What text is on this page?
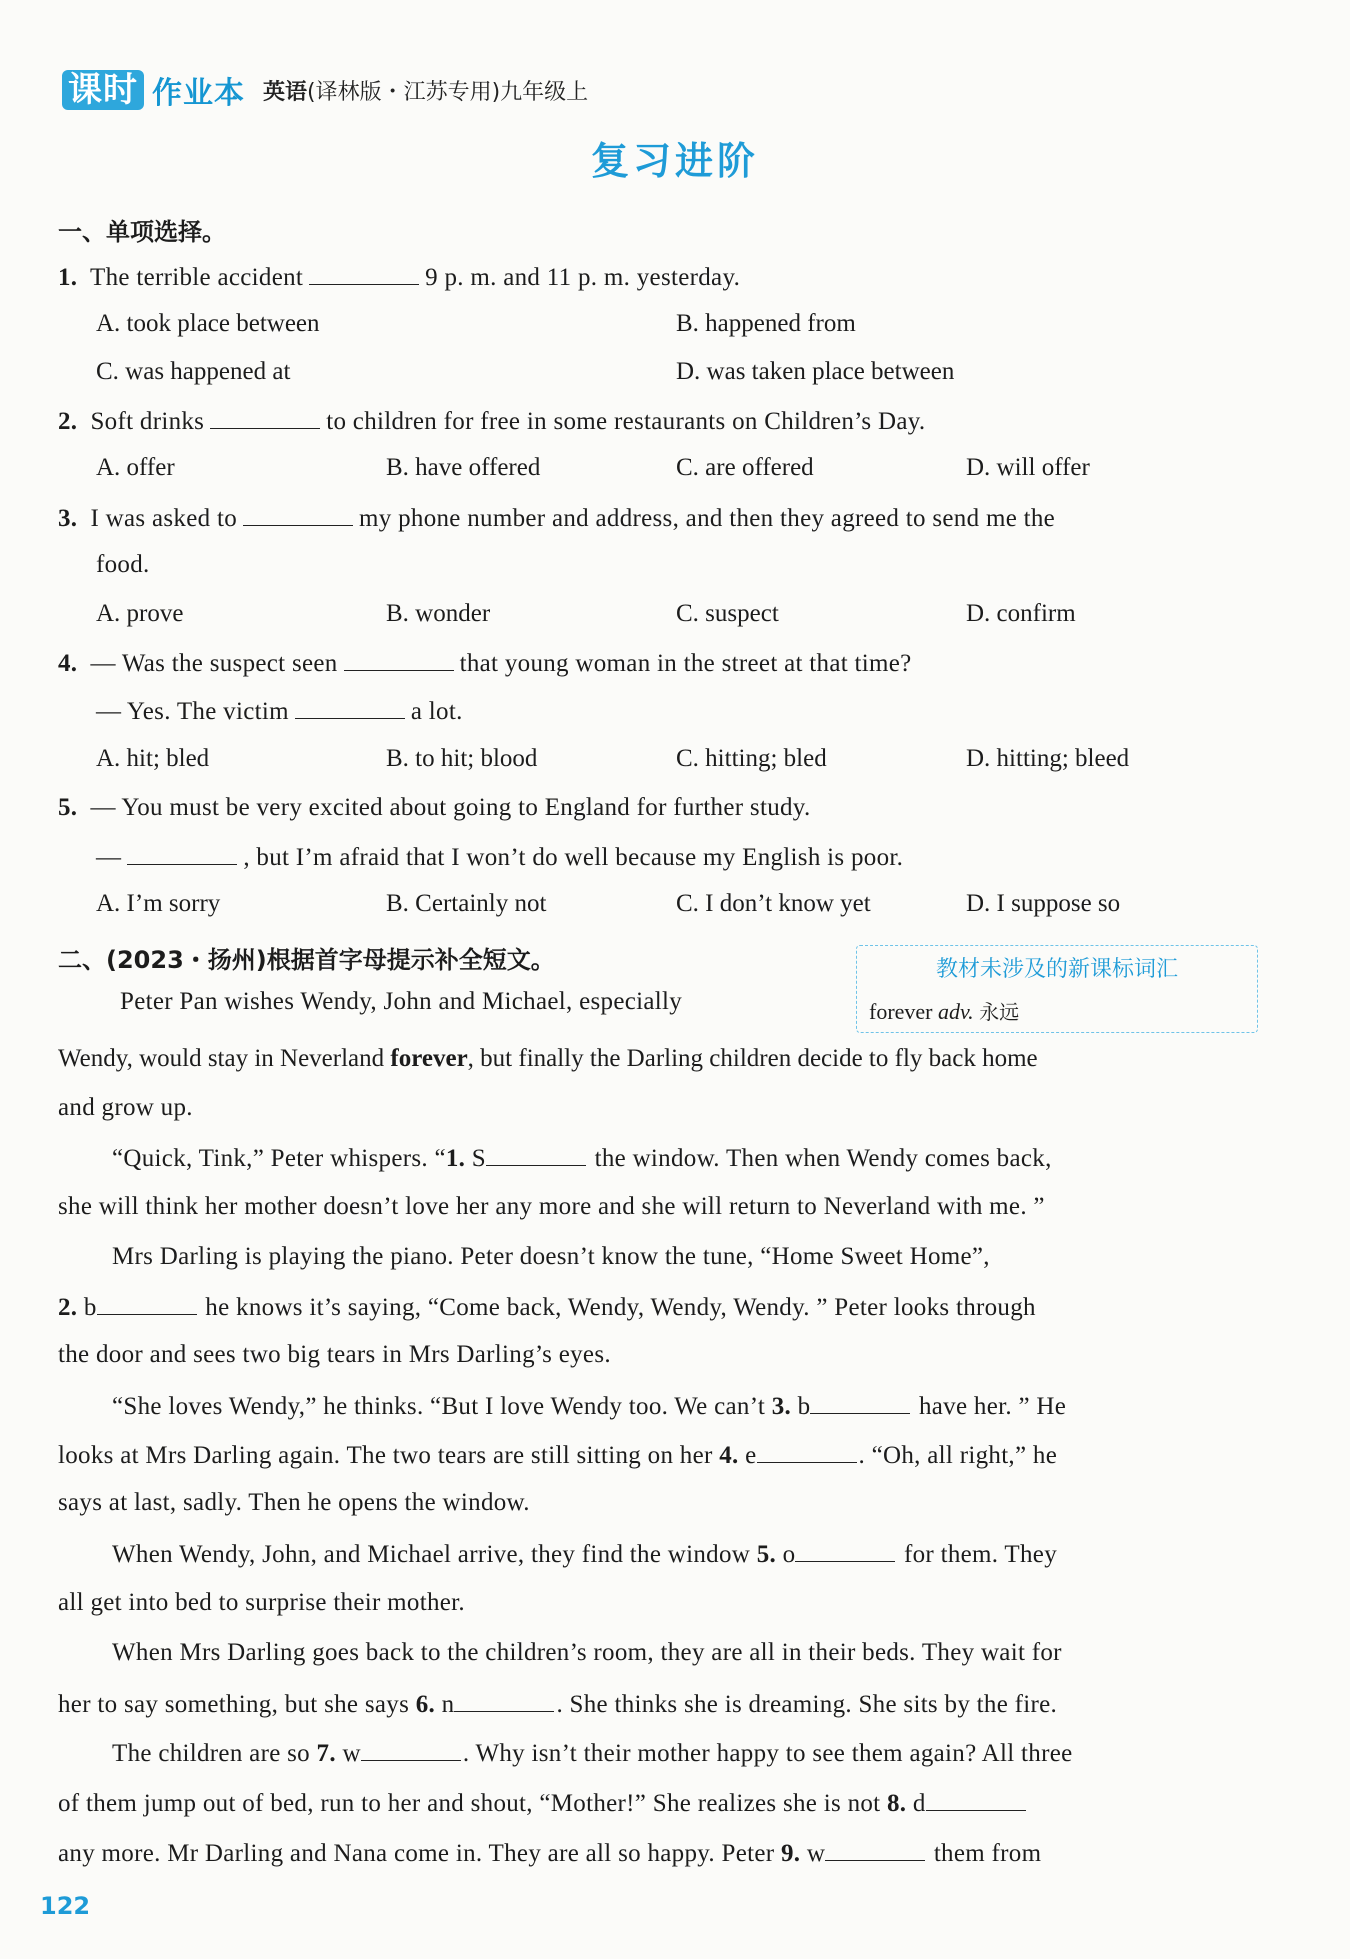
课时 作业本 英语(译林版・江苏专用)九年级上
复习进阶
一、单项选择。
1. The terrible accident	9 p. m. and 11 p. m. yesterday.
A. took place between	B. happened from
C. was happened at	D. was taken place between
2. Soft drinks	to children for free in some restaurants on Children’s Day.
A. offer	B. have offered	C. are offered	D. will offer
3. I was asked to	my phone number and address, and then they agreed to send me the
food.
A. prove	B. wonder	C. suspect	D. confirm
4. — Was the suspect seen	that young woman in the street at that time?
— Yes. The victim	a lot.
A. hit; bled	B. to hit; blood	C. hitting; bled	D. hitting; bleed
5. — You must be very excited about going to England for further study.
—	, but I’m afraid that I won’t do well because my English is poor.
A. I’m sorry	B. Certainly not	C. I don’t know yet	D. I suppose so
二、(2023・扬州)根据首字母提示补全短文。	教材未涉及的新课标词汇
forever adv. 永远
Peter Pan wishes Wendy, John and Michael, especially
Wendy, would stay in Neverland forever, but finally the Darling children decide to fly back home
and grow up.
“Quick, Tink,” Peter whispers. “1. S	the window. Then when Wendy comes back,
she will think her mother doesn’t love her any more and she will return to Neverland with me. ”
Mrs Darling is playing the piano. Peter doesn’t know the tune, “Home Sweet Home”,
2. b	he knows it’s saying, “Come back, Wendy, Wendy, Wendy. ” Peter looks through
the door and sees two big tears in Mrs Darling’s eyes.
“She loves Wendy,” he thinks. “But I love Wendy too. We can’t 3. b	have her. ” He
looks at Mrs Darling again. The two tears are still sitting on her 4. e	. “Oh, all right,” he
says at last, sadly. Then he opens the window.
When Wendy, John, and Michael arrive, they find the window 5. o	for them. They
all get into bed to surprise their mother.
When Mrs Darling goes back to the children’s room, they are all in their beds. They wait for
her to say something, but she says 6. n	. She thinks she is dreaming. She sits by the fire.
The children are so 7. w	. Why isn’t their mother happy to see them again? All three
of them jump out of bed, run to her and shout, “Mother!” She realizes she is not 8. d
any more. Mr Darling and Nana come in. They are all so happy. Peter 9. w	them from
122
